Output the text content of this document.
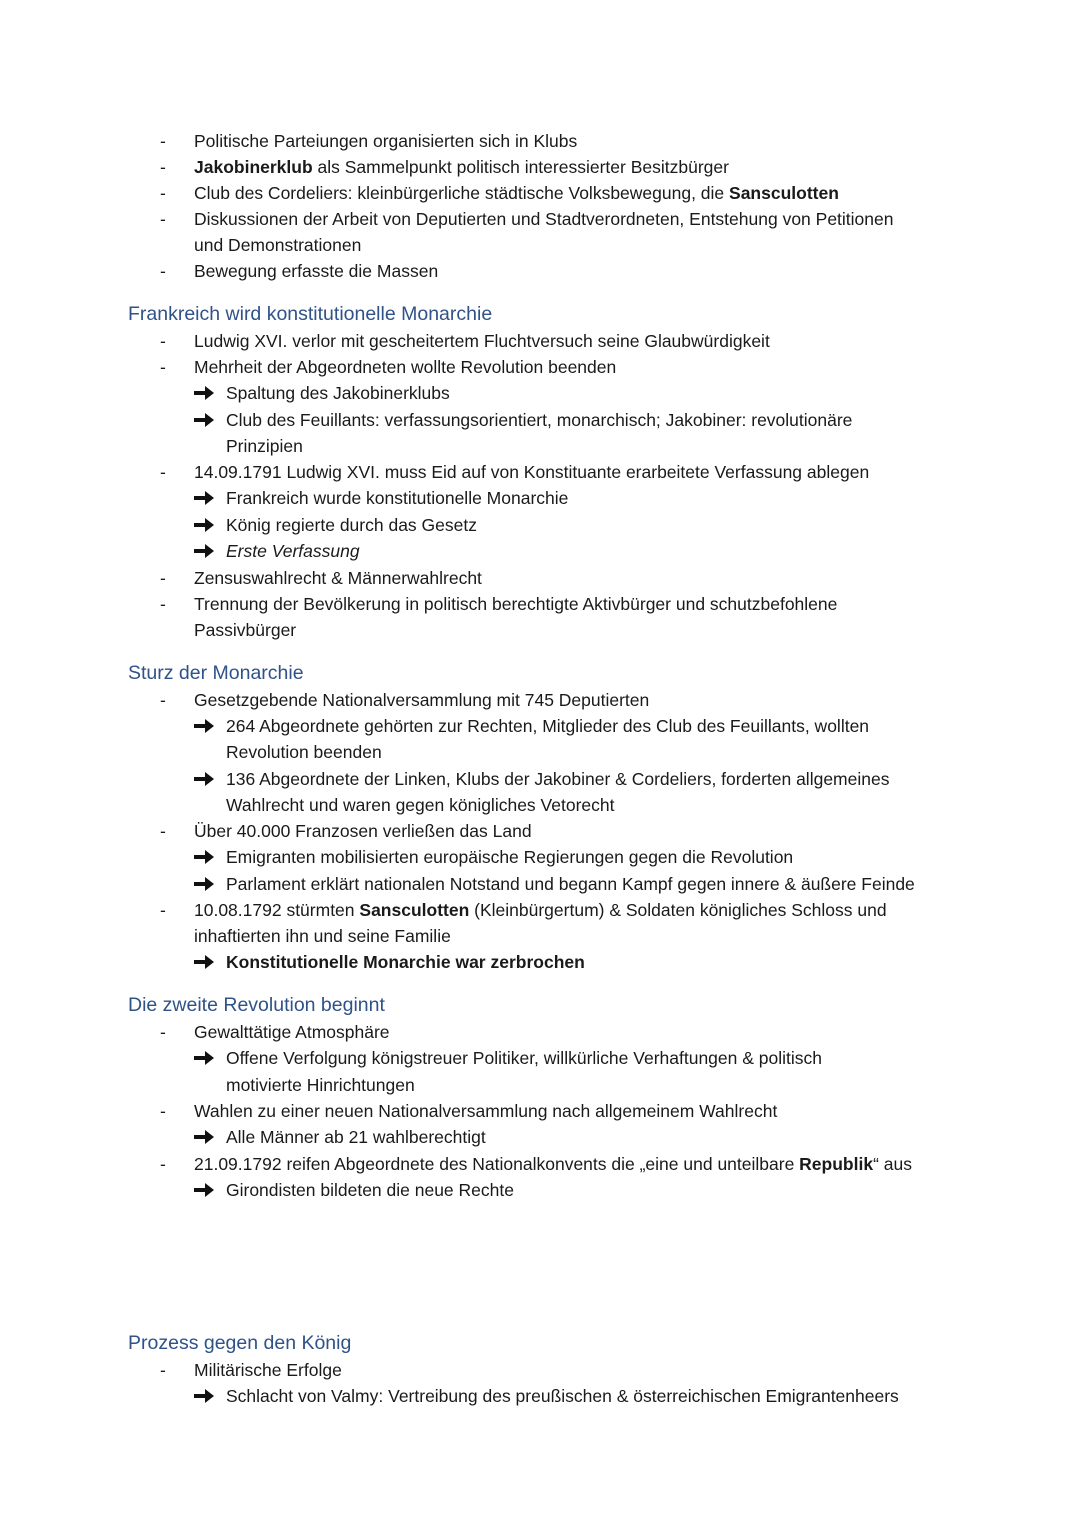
- Politische Parteiungen organisierten sich in Klubs
- Jakobinerklub als Sammelpunkt politisch interessierter Besitzbürger
- Club des Cordeliers: kleinbürgerliche städtische Volksbewegung, die Sansculotten
- Diskussionen der Arbeit von Deputierten und Stadtverordneten, Entstehung von Petitionen
und Demonstrationen
- Bewegung erfasste die Massen
Frankreich wird konstitutionelle Monarchie
- Ludwig XVI. verlor mit gescheitertem Fluchtversuch seine Glaubwürdigkeit
- Mehrheit der Abgeordneten wollte Revolution beenden
Spaltung des Jakobinerklubs
Club des Feuillants: verfassungsorientiert, monarchisch; Jakobiner: revolutionäre
Prinzipien
- 14.09.1791 Ludwig XVI. muss Eid auf von Konstituante erarbeitete Verfassung ablegen
Frankreich wurde konstitutionelle Monarchie
König regierte durch das Gesetz
Erste Verfassung
- Zensuswahlrecht & Männerwahlrecht
- Trennung der Bevölkerung in politisch berechtigte Aktivbürger und schutzbefohlene
Passivbürger
Sturz der Monarchie
- Gesetzgebende Nationalversammlung mit 745 Deputierten
264 Abgeordnete gehörten zur Rechten, Mitglieder des Club des Feuillants, wollten
Revolution beenden
136 Abgeordnete der Linken, Klubs der Jakobiner & Cordeliers, forderten allgemeines
Wahlrecht und waren gegen königliches Vetorecht
- Über 40.000 Franzosen verließen das Land
Emigranten mobilisierten europäische Regierungen gegen die Revolution
Parlament erklärt nationalen Notstand und begann Kampf gegen innere & äußere Feinde
- 10.08.1792 stürmten Sansculotten (Kleinbürgertum) & Soldaten königliches Schloss und
inhaftierten ihn und seine Familie
Konstitutionelle Monarchie war zerbrochen
Die zweite Revolution beginnt
- Gewalttätige Atmosphäre
Offene Verfolgung königstreuer Politiker, willkürliche Verhaftungen & politisch
motivierte Hinrichtungen
- Wahlen zu einer neuen Nationalversammlung nach allgemeinem Wahlrecht
Alle Männer ab 21 wahlberechtigt
- 21.09.1792 reifen Abgeordnete des Nationalkonvents die „eine und unteilbare Republik“ aus
Girondisten bildeten die neue Rechte
Prozess gegen den König
- Militärische Erfolge
Schlacht von Valmy: Vertreibung des preußischen & österreichischen Emigrantenheers
